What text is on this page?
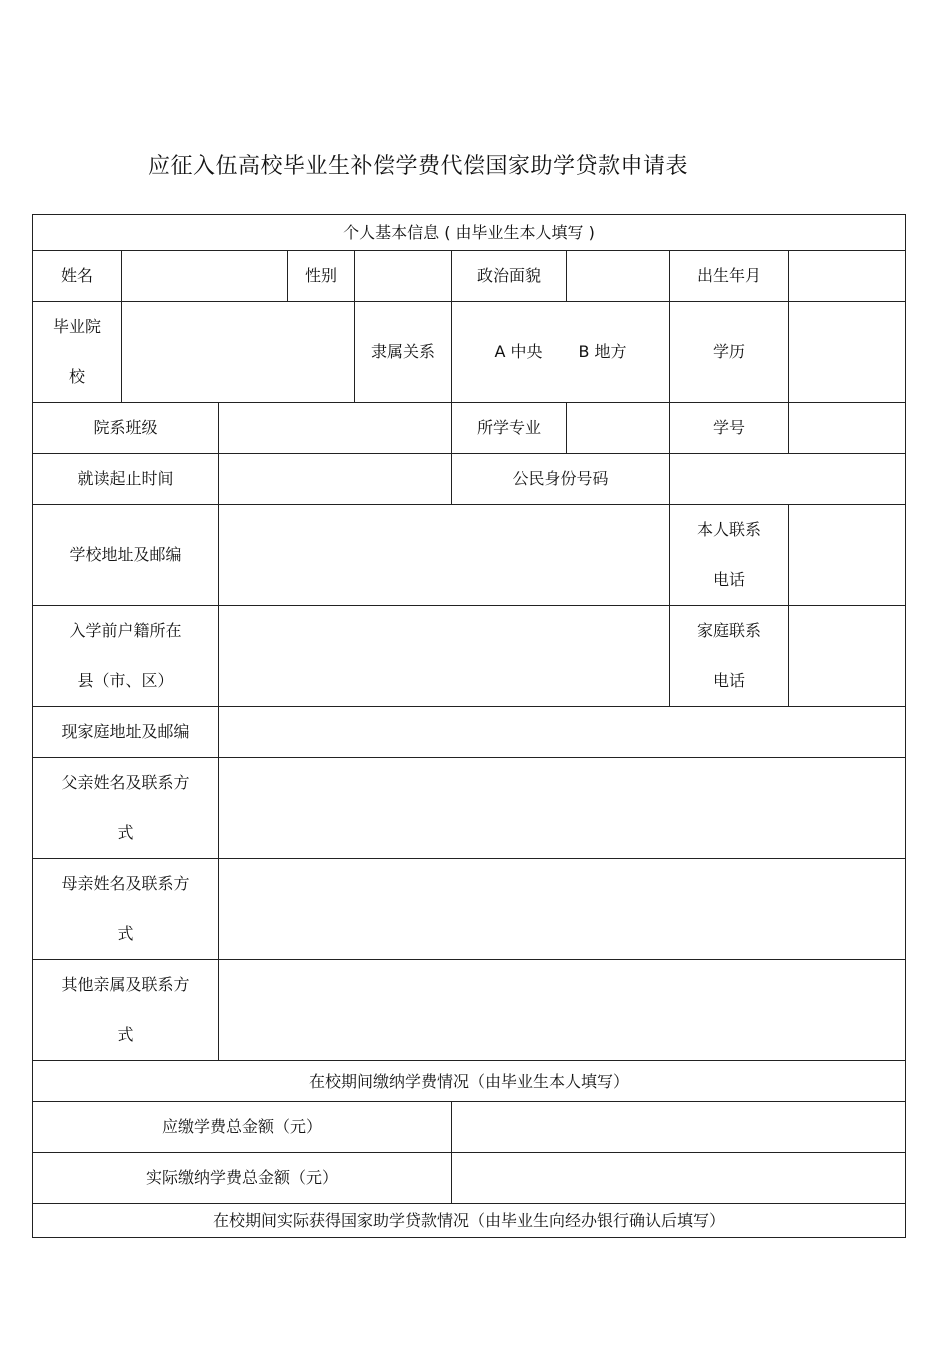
应征入伍高校毕业生补偿学费代偿国家助学贷款申请表
个人基本信息 ( 由毕业生本人填写 )								
姓名			性别		政治面貌		出生年月	
毕业院
校				隶属关系	A 中央 B 地方		学历	
院系班级					所学专业		学号	
就读起止时间					公民身份号码			
学校地址及邮编							本人联系
电话	
入学前户籍所在
县（市、区）							家庭联系
电话	
现家庭地址及邮编								
父亲姓名及联系方
式								
母亲姓名及联系方
式								
其他亲属及联系方
式								
在校期间缴纳学费情况（由毕业生本人填写）								
应缴学费总金额（元）								
实际缴纳学费总金额（元）								
在校期间实际获得国家助学贷款情况（由毕业生向经办银行确认后填写）								
